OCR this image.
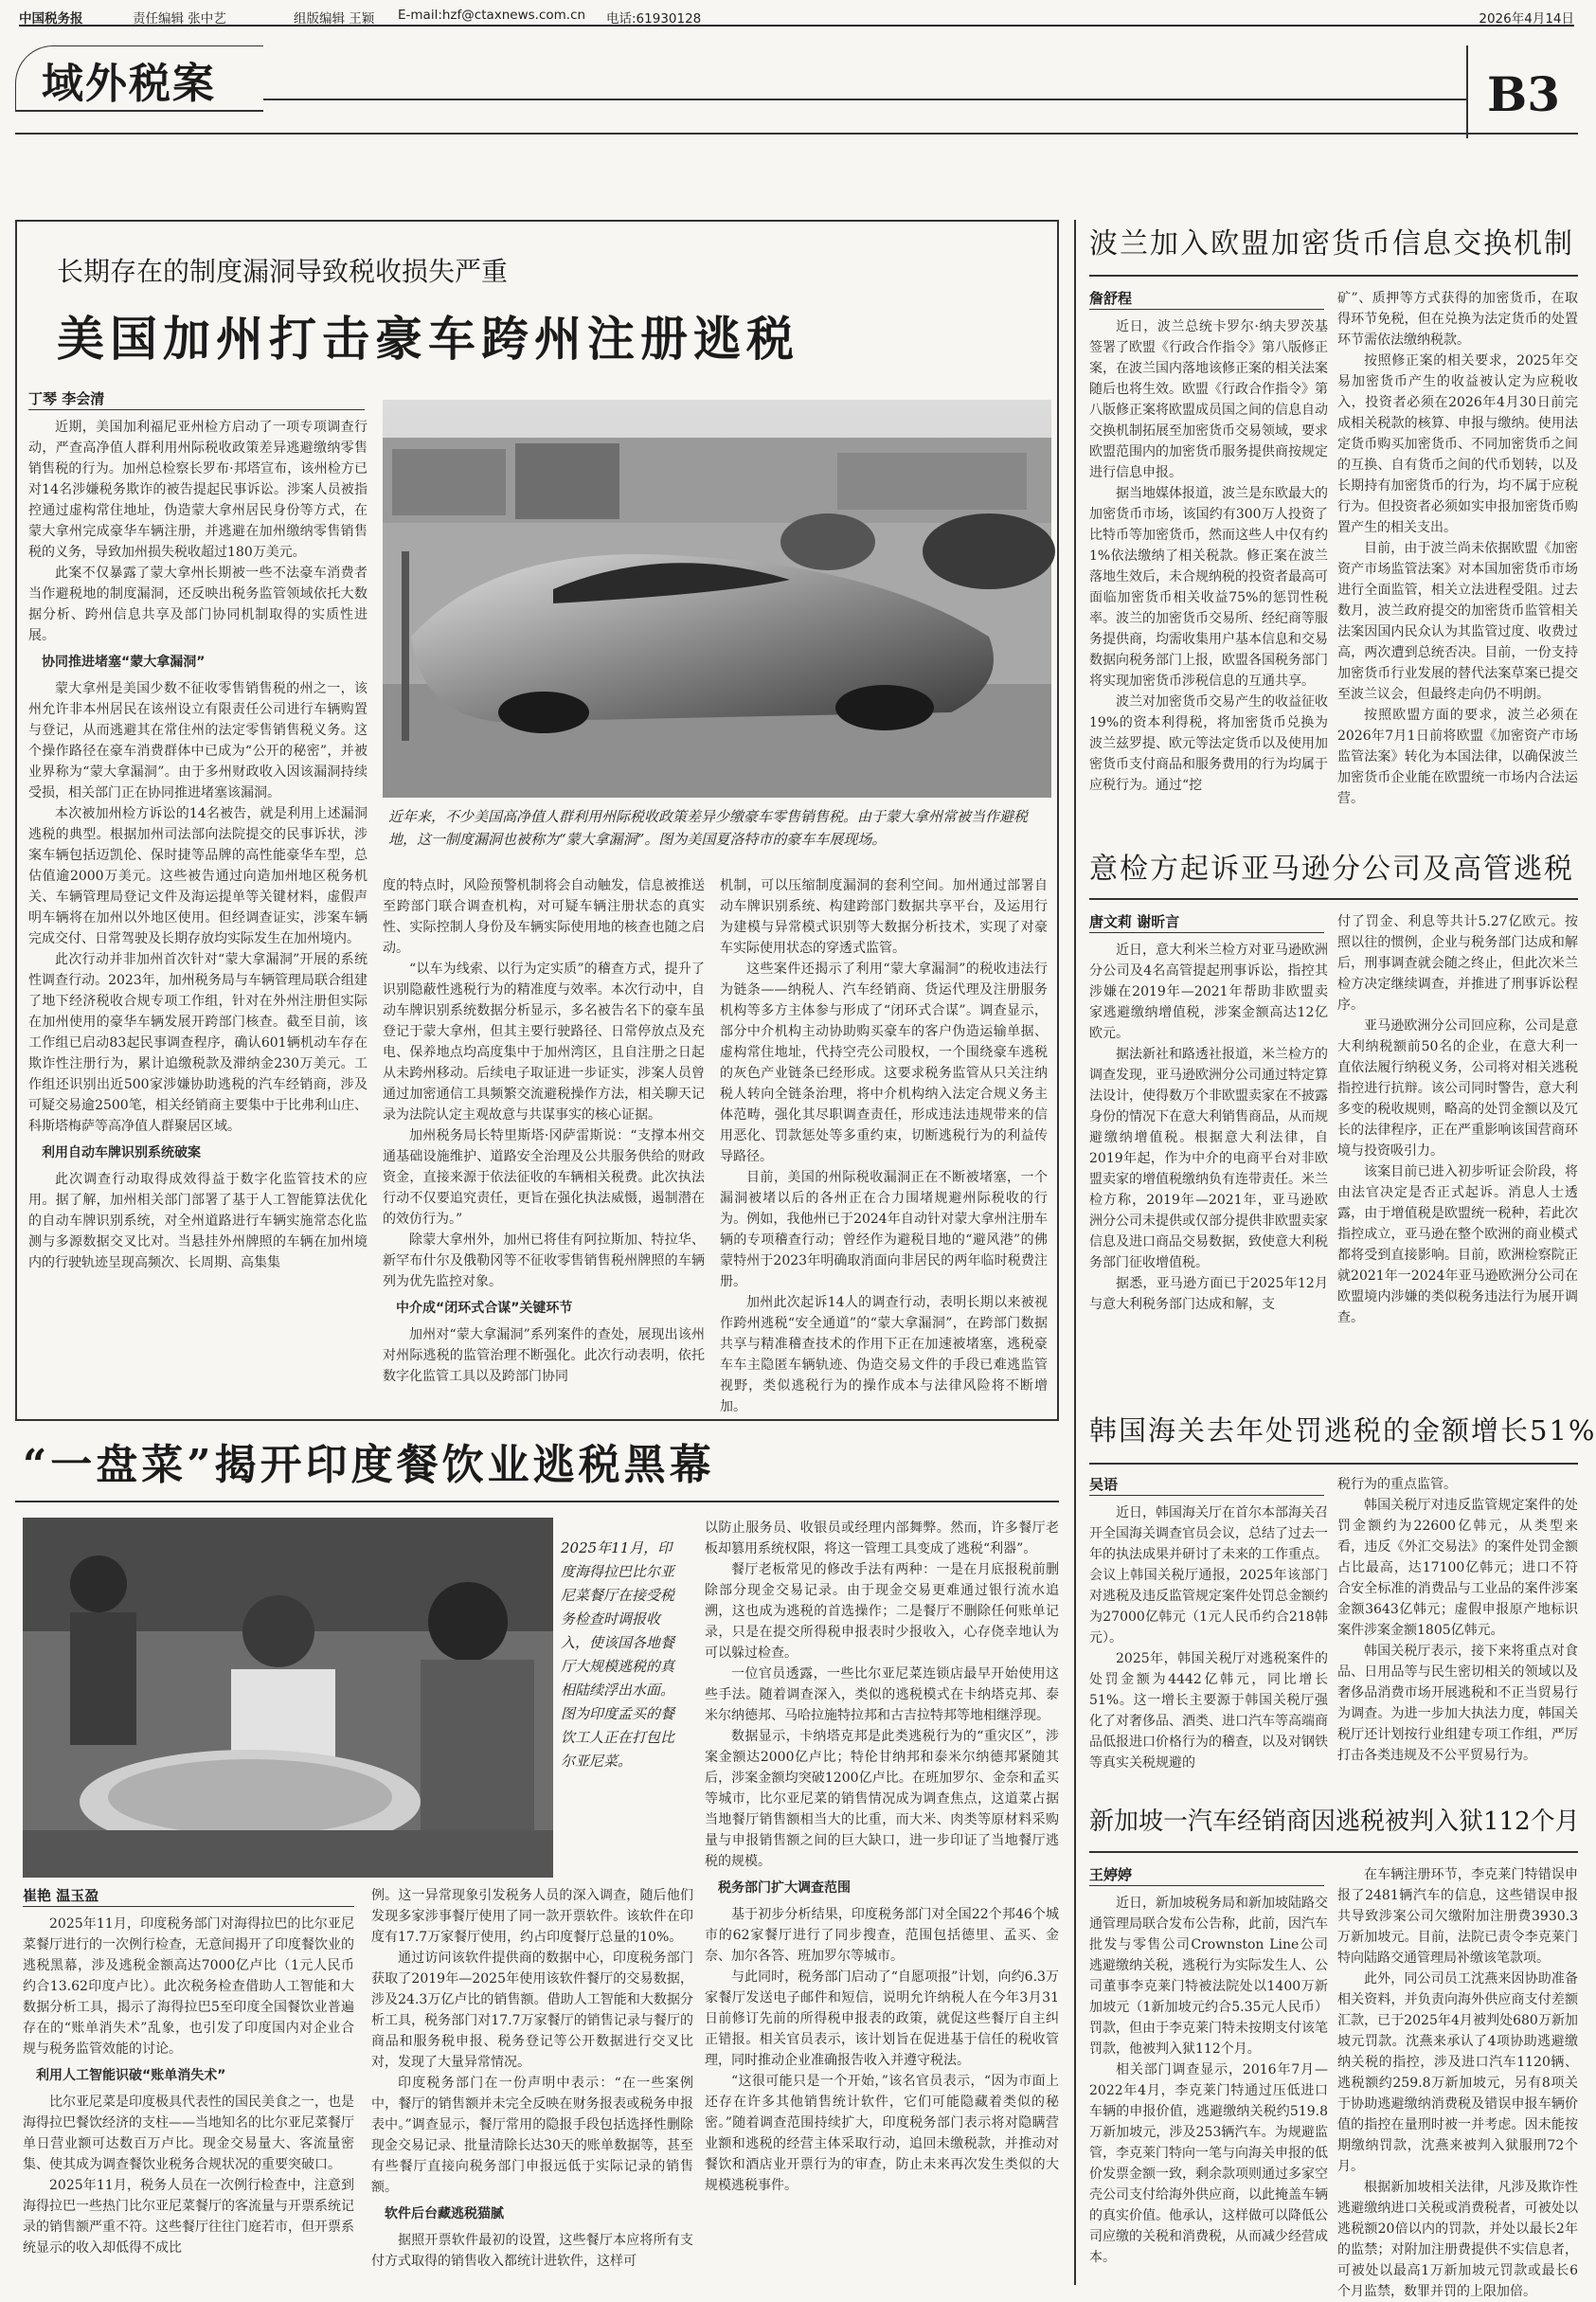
中国税务报	责任编辑 张中艺	组版编辑 王颖 E-mail:hzf@ctaxnews.com.cn 电话:61930128	2026年4月14日
域外税案	B3
长期存在的制度漏洞导致税收损失严重
美国加州打击豪车跨州注册逃税
丁琴 李会清
近年来，不少美国高净值人群利用州际税收政策差异少缴豪车零售销售税。由于蒙大拿州常被当作避税地，这一制度漏洞也被称为“蒙大拿漏洞”。图为美国夏洛特市的豪车车展现场。

近期，美国加利福尼亚州检方启动了一项专项调查行动，严查高净值人群利用州际税收政策差异逃避缴纳零售销售税的行为。加州总检察长罗布·邦塔宣布，该州检方已对14名涉嫌税务欺诈的被告提起民事诉讼。涉案人员被指控通过虚构常住地址，伪造蒙大拿州居民身份等方式，在蒙大拿州完成豪华车辆注册，并逃避在加州缴纳零售销售税的义务，导致加州损失税收超过180万美元。

此案不仅暴露了蒙大拿州长期被一些不法豪车消费者当作避税地的制度漏洞，还反映出税务监管领域依托大数据分析、跨州信息共享及部门协同机制取得的实质性进展。

协同推进堵塞“蒙大拿漏洞”

蒙大拿州是美国少数不征收零售销售税的州之一，该州允许非本州居民在该州设立有限责任公司进行车辆购置与登记，从而逃避其在常住州的法定零售销售税义务。这个操作路径在豪车消费群体中已成为“公开的秘密”，并被业界称为“蒙大拿漏洞”。由于多州财政收入因该漏洞持续受损，相关部门正在协同推进堵塞该漏洞。

本次被加州检方诉讼的14名被告，就是利用上述漏洞逃税的典型。根据加州司法部向法院提交的民事诉状，涉案车辆包括迈凯伦、保时捷等品牌的高性能豪华车型，总估值逾2000万美元。这些被告通过向造加州地区税务机关、车辆管理局登记文件及海运提单等关键材料，虚假声明车辆将在加州以外地区使用。但经调查证实，涉案车辆完成交付、日常驾驶及长期存放均实际发生在加州境内。

此次行动并非加州首次针对“蒙大拿漏洞”开展的系统性调查行动。2023年，加州税务局与车辆管理局联合组建了地下经济税收合规专项工作组，针对在外州注册但实际在加州使用的豪华车辆发展开跨部门核查。截至目前，该工作组已启动83起民事调查程序，确认601辆机动车存在欺诈性注册行为，累计追缴税款及滞纳金230万美元。工作组还识别出近500家涉嫌协助逃税的汽车经销商，涉及可疑交易逾2500笔，相关经销商主要集中于比弗利山庄、科斯塔梅萨等高净值人群聚居区域。

利用自动车牌识别系统破案

此次调查行动取得成效得益于数字化监管技术的应用。据了解，加州相关部门部署了基于人工智能算法优化的自动车牌识别系统，对全州道路进行车辆实施常态化监测与多源数据交叉比对。当悬挂外州牌照的车辆在加州境内的行驶轨迹呈现高频次、长周期、高集集

度的特点时，风险预警机制将会自动触发，信息被推送至跨部门联合调查机构，对可疑车辆注册状态的真实性、实际控制人身份及车辆实际使用地的核查也随之启动。

“以车为线索、以行为定实质”的稽查方式，提升了识别隐蔽性逃税行为的精准度与效率。本次行动中，自动车牌识别系统数据分析显示，多名被告名下的豪车虽登记于蒙大拿州，但其主要行驶路径、日常停放点及充电、保养地点均高度集中于加州湾区，且自注册之日起从未跨州移动。后续电子取证进一步证实，涉案人员曾通过加密通信工具频繁交流避税操作方法，相关聊天记录为法院认定主观故意与共谋事实的核心证据。

加州税务局长特里斯塔·冈萨雷斯说：“支撑本州交通基础设施维护、道路安全治理及公共服务供给的财政资金，直接来源于依法征收的车辆相关税费。此次执法行动不仅要追究责任，更旨在强化执法威慑，遏制潜在的效仿行为。”

除蒙大拿州外，加州已将佳有阿拉斯加、特拉华、新罕布什尔及俄勒冈等不征收零售销售税州牌照的车辆列为优先监控对象。

中介成“闭环式合谋”关键环节

加州对“蒙大拿漏洞”系列案件的查处，展现出该州对州际逃税的监管治理不断强化。此次行动表明，依托数字化监管工具以及跨部门协同

机制，可以压缩制度漏洞的套利空间。加州通过部署自动车牌识别系统、构建跨部门数据共享平台，及运用行为建模与异常模式识别等大数据分析技术，实现了对豪车实际使用状态的穿透式监管。

这些案件还揭示了利用“蒙大拿漏洞”的税收违法行为链条——纳税人、汽车经销商、货运代理及注册服务机构等多方主体参与形成了“闭环式合谋”。调查显示，部分中介机构主动协助购买豪车的客户伪造运输单据、虚构常住地址，代持空壳公司股权，一个围绕豪车逃税的灰色产业链条已经形成。这要求税务监管从只关注纳税人转向全链条治理，将中介机构纳入法定合规义务主体范畴，强化其尽职调查责任，形成违法违规带来的信用恶化、罚款惩处等多重约束，切断逃税行为的利益传导路径。

目前，美国的州际税收漏洞正在不断被堵塞，一个漏洞被堵以后的各州正在合力围堵规避州际税收的行为。例如，我他州已于2024年自动针对蒙大拿州注册车辆的专项稽查行动；曾经作为避税目地的“避风港”的佛蒙特州于2023年明确取消面向非居民的两年临时税费注册。

加州此次起诉14人的调查行动，表明长期以来被视作跨州逃税“安全通道”的“蒙大拿漏洞”，在跨部门数据共享与精准稽查技术的作用下正在加速被堵塞，逃税豪车车主隐匿车辆轨迹、伪造交易文件的手段已难逃监管视野，类似逃税行为的操作成本与法律风险将不断增加。

波兰加入欧盟加密货币信息交换机制
詹舒程

近日，波兰总统卡罗尔·纳夫罗茨基签署了欧盟《行政合作指令》第八版修正案，在波兰国内落地该修正案的相关法案随后也将生效。欧盟《行政合作指令》第八版修正案将欧盟成员国之间的信息自动交换机制拓展至加密货币交易领域，要求欧盟范围内的加密货币服务提供商按规定进行信息申报。

据当地媒体报道，波兰是东欧最大的加密货币市场，该国约有300万人投资了比特币等加密货币，然而这些人中仅有约1%依法缴纳了相关税款。修正案在波兰落地生效后，未合规纳税的投资者最高可面临加密货币相关收益75%的惩罚性税率。波兰的加密货币交易所、经纪商等服务提供商，均需收集用户基本信息和交易数据向税务部门上报，欧盟各国税务部门将实现加密货币涉税信息的互通共享。

波兰对加密货币交易产生的收益征收19%的资本利得税，将加密货币兑换为波兰兹罗提、欧元等法定货币以及使用加密货币支付商品和服务费用的行为均属于应税行为。通过“挖

矿”、质押等方式获得的加密货币，在取得环节免税，但在兑换为法定货币的处置环节需依法缴纳税款。

按照修正案的相关要求，2025年交易加密货币产生的收益被认定为应税收入，投资者必须在2026年4月30日前完成相关税款的核算、申报与缴纳。使用法定货币购买加密货币、不同加密货币之间的互换、自有货币之间的代币划转，以及长期持有加密货币的行为，均不属于应税行为。但投资者必须如实申报加密货币购置产生的相关支出。

目前，由于波兰尚未依据欧盟《加密资产市场监管法案》对本国加密货币市场进行全面监管，相关立法进程受阻。过去数月，波兰政府提交的加密货币监管相关法案因国内民众认为其监管过度、收费过高，两次遭到总统否决。目前，一份支持加密货币行业发展的替代法案草案已提交至波兰议会，但最终走向仍不明朗。

按照欧盟方面的要求，波兰必须在2026年7月1日前将欧盟《加密资产市场监管法案》转化为本国法律，以确保波兰加密货币企业能在欧盟统一市场内合法运营。

意检方起诉亚马逊分公司及高管逃税
唐文莉 谢昕言

近日，意大利米兰检方对亚马逊欧洲分公司及4名高管提起刑事诉讼，指控其涉嫌在2019年—2021年帮助非欧盟卖家逃避缴纳增值税，涉案金额高达12亿欧元。

据法新社和路透社报道，米兰检方的调查发现，亚马逊欧洲分公司通过特定算法设计，使得数万个非欧盟卖家在不披露身份的情况下在意大利销售商品，从而规避缴纳增值税。根据意大利法律，自2019年起，作为中介的电商平台对非欧盟卖家的增值税缴纳负有连带责任。米兰检方称，2019年—2021年，亚马逊欧洲分公司未提供或仅部分提供非欧盟卖家信息及进口商品交易数据，致使意大利税务部门征收增值税。

据悉，亚马逊方面已于2025年12月与意大利税务部门达成和解，支

付了罚金、利息等共计5.27亿欧元。按照以往的惯例，企业与税务部门达成和解后，刑事调查就会随之终止，但此次米兰检方决定继续调查，并推进了刑事诉讼程序。

亚马逊欧洲分公司回应称，公司是意大利纳税额前50名的企业，在意大利一直依法履行纳税义务，公司将对相关逃税指控进行抗辩。该公司同时警告，意大利多变的税收规则，略高的处罚金额以及冗长的法律程序，正在严重影响该国营商环境与投资吸引力。

该案目前已进入初步听证会阶段，将由法官决定是否正式起诉。消息人士透露，由于增值税是欧盟统一税种，若此次指控成立，亚马逊在整个欧洲的商业模式都将受到直接影响。目前，欧洲检察院正就2021年一2024年亚马逊欧洲分公司在欧盟境内涉嫌的类似税务违法行为展开调查。

韩国海关去年处罚逃税的金额增长51%
吴语

近日，韩国海关厅在首尔本部海关召开全国海关调查官员会议，总结了过去一年的执法成果并研讨了未来的工作重点。会议上韩国关税厅通报，2025年该部门对逃税及违反监管规定案件处罚总金额约为27000亿韩元（1元人民币约合218韩元）。

2025年，韩国关税厅对逃税案件的处罚金额为4442亿韩元，同比增长51%。这一增长主要源于韩国关税厅强化了对奢侈品、酒类、进口汽车等高端商品低报进口价格行为的稽查，以及对钢铁等真实关税规避的

税行为的重点监管。

韩国关税厅对违反监管规定案件的处罚金额约为22600亿韩元，从类型来看，违反《外汇交易法》的案件处罚金额占比最高，达17100亿韩元；进口不符合安全标准的消费品与工业品的案件涉案金额3643亿韩元；虚假申报原产地标识案件涉案金额1805亿韩元。

韩国关税厅表示，接下来将重点对食品、日用品等与民生密切相关的领域以及奢侈品消费市场开展逃税和不正当贸易行为调查。为进一步加大执法力度，韩国关税厅还计划按行业组建专项工作组，严厉打击各类违规及不公平贸易行为。

新加坡一汽车经销商因逃税被判入狱112个月
王婷婷

近日，新加坡税务局和新加坡陆路交通管理局联合发布公告称，此前，因汽车批发与零售公司Crownston Line公司逃避缴纳关税，逃税行为实际发生人、公司董事李克莱门特被法院处以1400万新加坡元（1新加坡元约合5.35元人民币）罚款，但由于李克莱门特未按期支付该笔罚款，他被判入狱112个月。

相关部门调查显示，2016年7月—2022年4月，李克莱门特通过压低进口车辆的申报价值，逃避缴纳关税约519.8万新加坡元，涉及253辆汽车。为规避监管，李克莱门特向一笔与向海关申报的低价发票金额一致，剩余款项则通过多家空壳公司支付给海外供应商，以此掩盖车辆的真实价值。他承认，这样做可以降低公司应缴的关税和消费税，从而减少经营成本。

在车辆注册环节，李克莱门特错误申报了2481辆汽车的信息，这些错误申报共导致涉案公司欠缴附加注册费3930.3万新加坡元。目前，法院已责令李克莱门特向陆路交通管理局补缴该笔款项。

此外，同公司员工沈燕来因协助准备相关资料，并负责向海外供应商支付差额汇款，已于2025年4月被判处680万新加坡元罚款。沈燕来承认了4项协助逃避缴纳关税的指控，涉及进口汽车1120辆、逃税额约259.8万新加坡元，另有8项关于协助逃避缴纳消费税及错误申报车辆价值的指控在量刑时被一并考虑。因未能按期缴纳罚款，沈燕来被判入狱服刑72个月。

根据新加坡相关法律，凡涉及欺诈性逃避缴纳进口关税或消费税者，可被处以逃税额20倍以内的罚款，并处以最长2年的监禁；对附加注册费提供不实信息者，可被处以最高1万新加坡元罚款或最长6个月监禁，数罪并罚的上限加倍。

“一盘菜”揭开印度餐饮业逃税黑幕
2025年11月，印度海得拉巴比尔亚尼菜餐厅在接受税务检查时调报收入，使该国各地餐厅大规模逃税的真相陆续浮出水面。图为印度孟买的餐饮工人正在打包比尔亚尼菜。
崔艳 温玉盈

2025年11月，印度税务部门对海得拉巴的比尔亚尼菜餐厅进行的一次例行检查，无意间揭开了印度餐饮业的逃税黑幕，涉及逃税金额高达7000亿卢比（1元人民币约合13.62印度卢比）。此次税务检查借助人工智能和大数据分析工具，揭示了海得拉巴5至印度全国餐饮业普遍存在的“账单消失术”乱象，也引发了印度国内对企业合规与税务监管效能的讨论。

利用人工智能识破“账单消失术”

比尔亚尼菜是印度极具代表性的国民美食之一，也是海得拉巴餐饮经济的支柱——当地知名的比尔亚尼菜餐厅单日营业额可达数百万卢比。现金交易量大、客流量密集、使其成为调查餐饮业税务合规状况的重要突破口。

2025年11月，税务人员在一次例行检查中，注意到海得拉巴一些热门比尔亚尼菜餐厅的客流量与开票系统记录的销售额严重不符。这些餐厅往往门庭若市，但开票系统显示的收入却低得不成比

例。这一异常现象引发税务人员的深入调查，随后他们发现多家涉事餐厅使用了同一款开票软件。该软件在印度有17.7万家餐厅使用，约占印度餐厅总量的10%。

通过访问该软件提供商的数据中心，印度税务部门获取了2019年—2025年使用该软件餐厅的交易数据，涉及24.3万亿卢比的销售额。借助人工智能和大数据分析工具，税务部门对17.7万家餐厅的销售记录与餐厅的商品和服务税申报、税务登记等公开数据进行交叉比对，发现了大量异常情况。

印度税务部门在一份声明中表示：“在一些案例中，餐厅的销售额并未完全反映在财务报表或税务申报表中。”调查显示，餐厅常用的隐报手段包括选择性删除现金交易记录、批量清除长达30天的账单数据等，甚至有些餐厅直接向税务部门申报远低于实际记录的销售额。

软件后台藏逃税猫腻

据照开票软件最初的设置，这些餐厅本应将所有支付方式取得的销售收入都统计进软件，这样可

以防止服务员、收银员或经理内部舞弊。然而，许多餐厅老板却篡用系统权限，将这一管理工具变成了逃税“利器”。

餐厅老板常见的修改手法有两种：一是在月底报税前删除部分现金交易记录。由于现金交易更难通过银行流水追溯，这也成为逃税的首选操作；二是餐厅不删除任何账单记录，只是在提交所得税申报表时少报收入，心存侥幸地认为可以躲过检查。

一位官员透露，一些比尔亚尼菜连锁店最早开始使用这些手法。随着调查深入，类似的逃税模式在卡纳塔克邦、泰米尔纳德邦、马哈拉施特拉邦和古吉拉特邦等地相继浮现。

数据显示，卡纳塔克邦是此类逃税行为的“重灾区”，涉案金额达2000亿卢比；特伦甘纳邦和泰米尔纳德邦紧随其后，涉案金额均突破1200亿卢比。在班加罗尔、金奈和孟买等城市，比尔亚尼菜的销售情况成为调查焦点，这道菜占据当地餐厅销售额相当大的比重，而大米、肉类等原材料采购量与申报销售额之间的巨大缺口，进一步印证了当地餐厅逃税的规模。

税务部门扩大调查范围

基于初步分析结果，印度税务部门对全国22个邦46个城市的62家餐厅进行了同步搜查，范围包括德里、孟买、金奈、加尔各答、班加罗尔等城市。

与此同时，税务部门启动了“自愿项报”计划，向约6.3万家餐厅发送电子邮件和短信，说明允许纳税人在今年3月31日前修订先前的所得税申报表的政策，就促这些餐厅自主纠正错报。相关官员表示，该计划旨在促进基于信任的税收管理，同时推动企业准确报告收入并遵守税法。

“这很可能只是一个开始，”该名官员表示，“因为市面上还存在许多其他销售统计软件，它们可能隐藏着类似的秘密。”随着调查范围持续扩大，印度税务部门表示将对隐瞒营业额和逃税的经营主体采取行动，追回未缴税款，并推动对餐饮和酒店业开票行为的审查，防止未来再次发生类似的大规模逃税事件。
